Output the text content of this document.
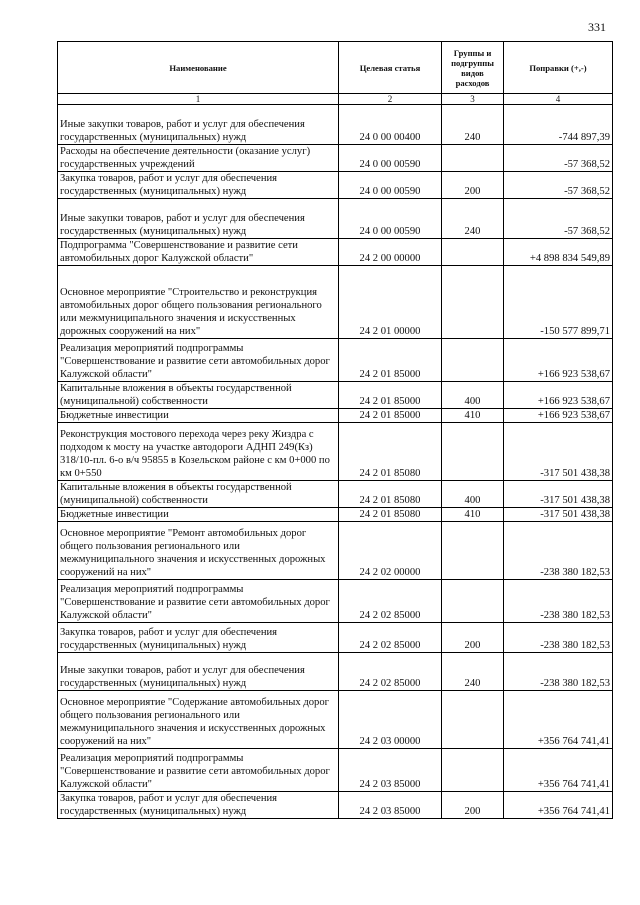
331
Наименование	Целевая статья	Группы и подгруппы видов расходов	Поправки (+,-)
1	2	3	4
Иные закупки товаров, работ и услуг для обеспечения государственных (муниципальных) нужд	24 0 00 00400	240	-744 897,39
Расходы на обеспечение деятельности (оказание услуг) государственных учреждений	24 0 00 00590		-57 368,52
Закупка товаров, работ и услуг для обеспечения государственных (муниципальных) нужд	24 0 00 00590	200	-57 368,52
Иные закупки товаров, работ и услуг для обеспечения государственных (муниципальных) нужд	24 0 00 00590	240	-57 368,52
Подпрограмма "Совершенствование и развитие сети автомобильных дорог Калужской области"	24 2 00 00000		+4 898 834 549,89
Основное мероприятие "Строительство и реконструкция автомобильных дорог общего пользования регионального или межмуниципального значения и искусственных дорожных сооружений на них"	24 2 01 00000		-150 577 899,71
Реализация мероприятий подпрограммы "Совершенствование и развитие сети автомобильных дорог Калужской области"	24 2 01 85000		+166 923 538,67
Капитальные вложения в объекты государственной (муниципальной) собственности	24 2 01 85000	400	+166 923 538,67
Бюджетные инвестиции	24 2 01 85000	410	+166 923 538,67
Реконструкция мостового перехода через реку Жиздра с подходом к мосту на участке автодороги АДНП 249(Кз) 318/10-пл. 6-о в/ч 95855 в Козельском районе с км 0+000 по км 0+550	24 2 01 85080		-317 501 438,38
Капитальные вложения в объекты государственной (муниципальной) собственности	24 2 01 85080	400	-317 501 438,38
Бюджетные инвестиции	24 2 01 85080	410	-317 501 438,38
Основное мероприятие "Ремонт автомобильных дорог общего пользования регионального или межмуниципального значения и искусственных дорожных сооружений на них"	24 2 02 00000		-238 380 182,53
Реализация мероприятий подпрограммы "Совершенствование и развитие сети автомобильных дорог Калужской области"	24 2 02 85000		-238 380 182,53
Закупка товаров, работ и услуг для обеспечения государственных (муниципальных) нужд	24 2 02 85000	200	-238 380 182,53
Иные закупки товаров, работ и услуг для обеспечения государственных (муниципальных) нужд	24 2 02 85000	240	-238 380 182,53
Основное мероприятие "Содержание автомобильных дорог общего пользования регионального или межмуниципального значения и искусственных дорожных сооружений на них"	24 2 03 00000		+356 764 741,41
Реализация мероприятий подпрограммы "Совершенствование и развитие сети автомобильных дорог Калужской области"	24 2 03 85000		+356 764 741,41
Закупка товаров, работ и услуг для обеспечения государственных (муниципальных) нужд	24 2 03 85000	200	+356 764 741,41
